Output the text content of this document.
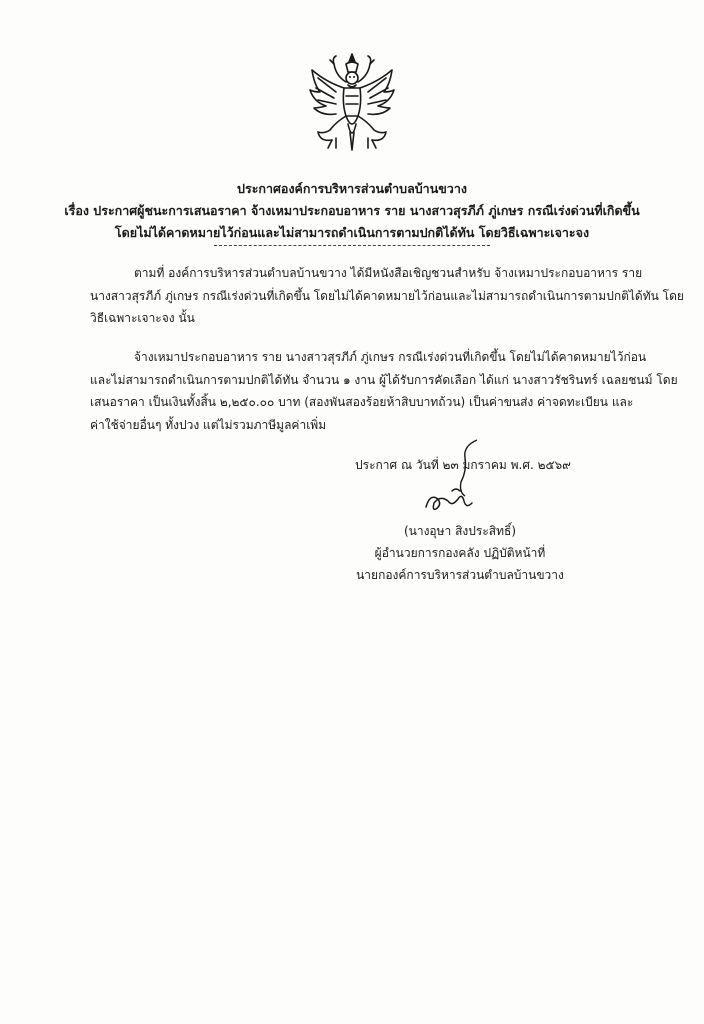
ประกาศองค์การบริหารส่วนตำบลบ้านขวาง
เรื่อง ประกาศผู้ชนะการเสนอราคา จ้างเหมาประกอบอาหาร ราย นางสาวสุรภีภ์ ภู่เกษร กรณีเร่งด่วนที่เกิดขึ้น
โดยไม่ได้คาดหมายไว้ก่อนและไม่สามารถดำเนินการตามปกติได้ทัน โดยวิธีเฉพาะเจาะจง
ตามที่ องค์การบริหารส่วนตำบลบ้านขวาง ได้มีหนังสือเชิญชวนสำหรับ จ้างเหมาประกอบอาหาร ราย
นางสาวสุรภีภ์ ภู่เกษร กรณีเร่งด่วนที่เกิดขึ้น โดยไม่ได้คาดหมายไว้ก่อนและไม่สามารถดำเนินการตามปกติได้ทัน โดย
วิธีเฉพาะเจาะจง นั้น
จ้างเหมาประกอบอาหาร ราย นางสาวสุรภีภ์ ภู่เกษร กรณีเร่งด่วนที่เกิดขึ้น โดยไม่ได้คาดหมายไว้ก่อน
และไม่สามารถดำเนินการตามปกติได้ทัน จำนวน ๑ งาน ผู้ได้รับการคัดเลือก ได้แก่ นางสาวรัชรินทร์ เฉลยชนม์ โดย
เสนอราคา เป็นเงินทั้งสิ้น ๒,๒๕๐.๐๐ บาท (สองพันสองร้อยห้าสิบบาทถ้วน) เป็นค่าขนส่ง ค่าจดทะเบียน และ
ค่าใช้จ่ายอื่นๆ ทั้งปวง แต่ไม่รวมภาษีมูลค่าเพิ่ม
ประกาศ ณ วันที่ ๒๓ มกราคม พ.ศ. ๒๕๖๙
(นางอุษา สิงประสิทธิ์)
ผู้อำนวยการกองคลัง ปฏิบัติหน้าที่
นายกองค์การบริหารส่วนตำบลบ้านขวาง
